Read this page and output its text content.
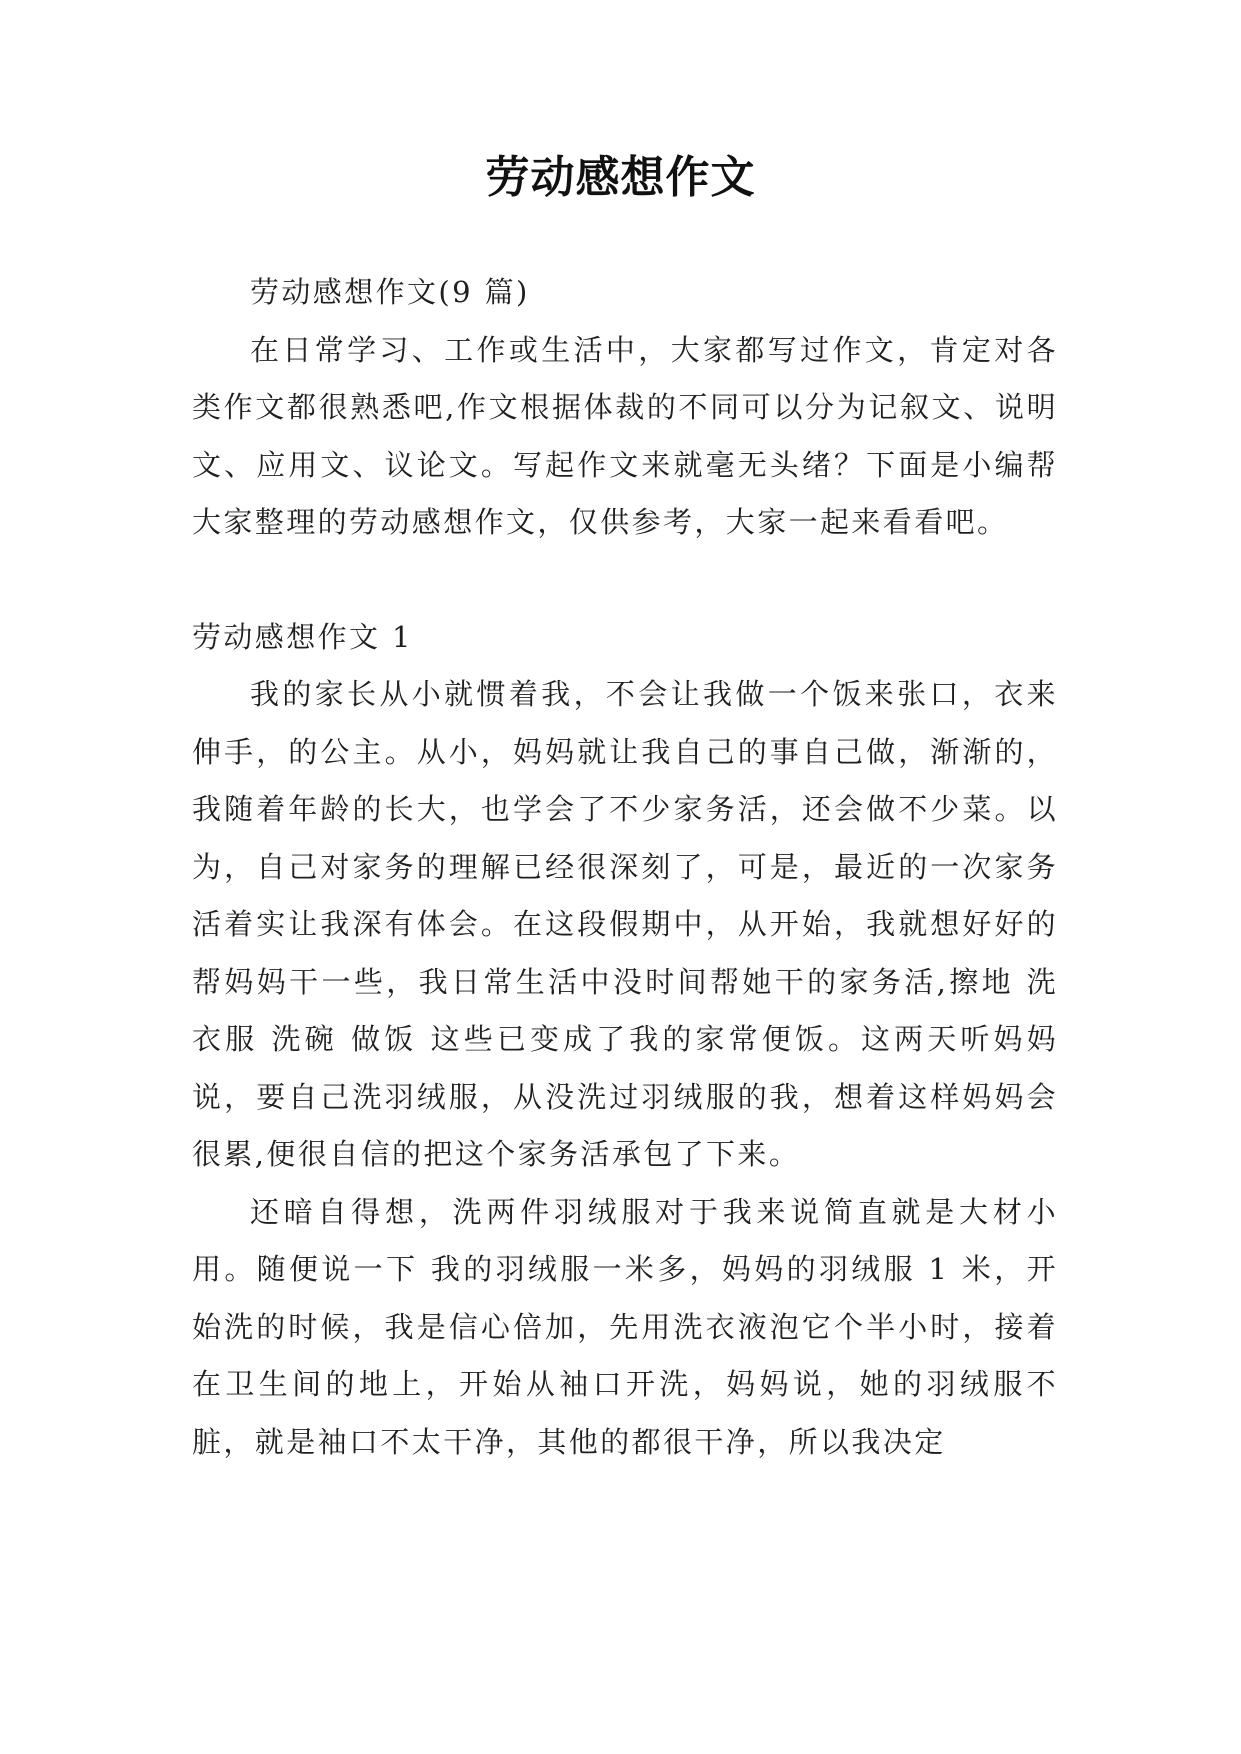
劳动感想作文

劳动感想作文(9 篇)

在日常学习、工作或生活中，大家都写过作文，肯定对各类作文都很熟悉吧,作文根据体裁的不同可以分为记叙文、说明文、应用文、议论文。写起作文来就毫无头绪？下面是小编帮大家整理的劳动感想作文，仅供参考，大家一起来看看吧。

劳动感想作文 1

我的家长从小就惯着我，不会让我做一个饭来张口，衣来伸手，的公主。从小，妈妈就让我自己的事自己做，渐渐的，我随着年龄的长大，也学会了不少家务活，还会做不少菜。以为，自己对家务的理解已经很深刻了，可是，最近的一次家务活着实让我深有体会。在这段假期中，从开始，我就想好好的帮妈妈干一些，我日常生活中没时间帮她干的家务活,擦地 洗衣服 洗碗 做饭 这些已变成了我的家常便饭。这两天听妈妈说，要自己洗羽绒服，从没洗过羽绒服的我，想着这样妈妈会很累,便很自信的把这个家务活承包了下来。

还暗自得想，洗两件羽绒服对于我来说简直就是大材小用。随便说一下 我的羽绒服一米多，妈妈的羽绒服 1 米，开始洗的时候，我是信心倍加，先用洗衣液泡它个半小时，接着在卫生间的地上，开始从袖口开洗，妈妈说，她的羽绒服不脏，就是袖口不太干净，其他的都很干净，所以我决定
